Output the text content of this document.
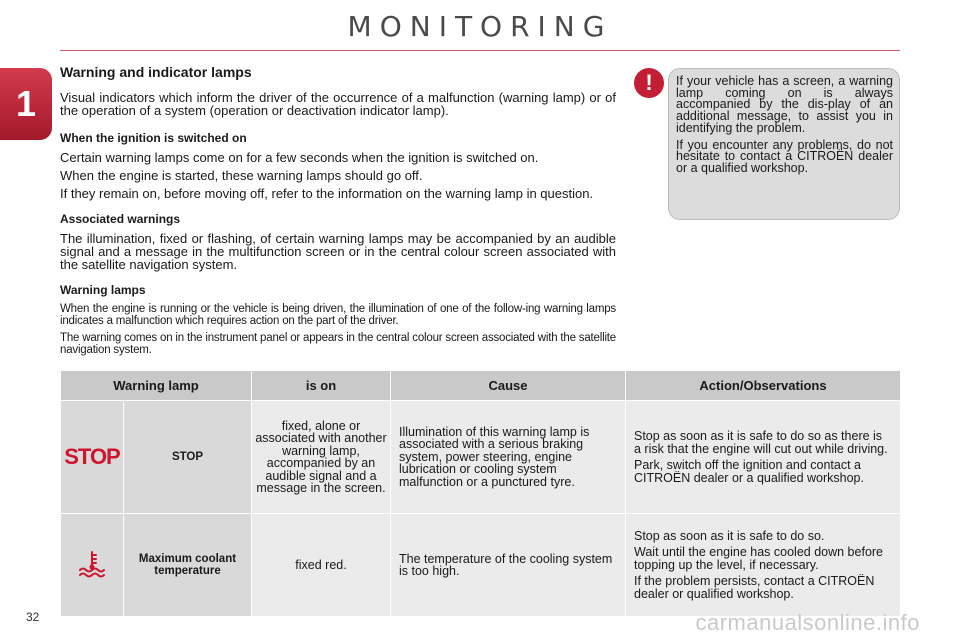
MONITORING
1
Warning and indicator lamps

Visual indicators which inform the driver of the occurrence of a malfunction (warning lamp) or of the operation of a system (operation or deactivation indicator lamp).

When the ignition is switched on

Certain warning lamps come on for a few seconds when the ignition is switched on.

When the engine is started, these warning lamps should go off.

If they remain on, before moving off, refer to the information on the warning lamp in question.

Associated warnings

The illumination, fixed or flashing, of certain warning lamps may be accompanied by an audible signal and a message in the multifunction screen or in the central colour screen associated with the satellite navigation system.

Warning lamps

When the engine is running or the vehicle is being driven, the illumination of one of the follow-ing warning lamps indicates a malfunction which requires action on the part of the driver.

The warning comes on in the instrument panel or appears in the central colour screen associated with the satellite navigation system.

!	If your vehicle has a screen, a warning lamp coming on is always accompanied by the dis-play of an additional message, to assist you in identifying the problem.

If you encounter any problems, do not hesitate to contact a CITROËN dealer or a qualified workshop.

Warning lamp		is on	Cause	Action/Observations
STOP	STOP	fixed, alone or associated with another warning lamp, accompanied by an audible signal and a message in the screen.	Illumination of this warning lamp is associated with a serious braking system, power steering, engine lubrication or cooling system malfunction or a punctured tyre.	Stop as soon as it is safe to do so as there is a risk that the engine will cut out while driving.

Park, switch off the ignition and contact a CITROËN dealer or a qualified workshop.

	Maximum coolant temperature	fixed red.	The temperature of the cooling system is too high.	Stop as soon as it is safe to do so.

Wait until the engine has cooled down before topping up the level, if necessary.

If the problem persists, contact a CITROËN dealer or qualified workshop.

32	carmanualsonline.info
